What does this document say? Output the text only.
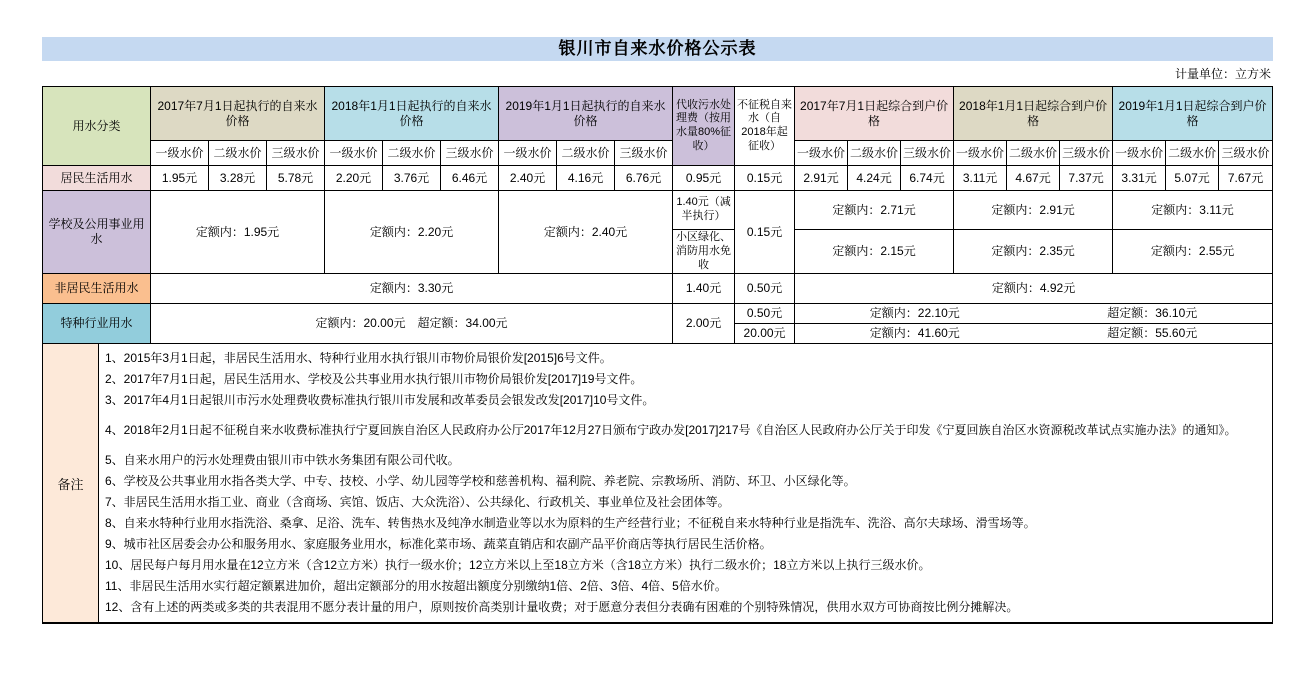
银川市自来水价格公示表
计量单位：立方米
用水分类	2017年7月1日起执行的自来水价格			2018年1月1日起执行的自来水价格			2019年1月1日起执行的自来水价格			代收污水处理费（按用水量80%征收）	不征税自来水（自2018年起征收）	2017年7月1日起综合到户价格			2018年1月1日起综合到户价格			2019年1月1日起综合到户价格		
	一级水价	二级水价	三级水价	一级水价	二级水价	三级水价	一级水价	二级水价	三级水价			一级水价	二级水价	三级水价	一级水价	二级水价	三级水价	一级水价	二级水价	三级水价
居民生活用水	1.95元	3.28元	5.78元	2.20元	3.76元	6.46元	2.40元	4.16元	6.76元	0.95元	0.15元	2.91元	4.24元	6.74元	3.11元	4.67元	7.37元	3.31元	5.07元	7.67元
学校及公用事业用水	定额内：1.95元			定额内：2.20元			定额内：2.40元			1.40元（减半执行）	0.15元	定额内：2.71元			定额内：2.91元			定额内：3.11元		
										小区绿化、消防用水免收		定额内：2.15元			定额内：2.35元			定额内：2.55元		
非居民生活用水	定额内：3.30元									1.40元	0.50元	定额内：4.92元								
特种行业用水	定额内：20.00元　超定额：34.00元									2.00元	0.50元	定额内：22.10元 超定额：36.10元								

											20.00元	定额内：41.60元 超定额：55.60元								
备注
1、2015年3月1日起，非居民生活用水、特种行业用水执行银川市物价局银价发[2015]6号文件。
2、2017年7月1日起，居民生活用水、学校及公共事业用水执行银川市物价局银价发[2017]19号文件。
3、2017年4月1日起银川市污水处理费收费标准执行银川市发展和改革委员会银发改发[2017]10号文件。
4、2018年2月1日起不征税自来水收费标准执行宁夏回族自治区人民政府办公厅2017年12月27日颁布宁政办发[2017]217号《自治区人民政府办公厅关于印发《宁夏回族自治区水资源税改革试点实施办法》的通知》。
5、自来水用户的污水处理费由银川市中铁水务集团有限公司代收。
6、学校及公共事业用水指各类大学、中专、技校、小学、幼儿园等学校和慈善机构、福利院、养老院、宗教场所、消防、环卫、小区绿化等。
7、非居民生活用水指工业、商业（含商场、宾馆、饭店、大众洗浴）、公共绿化、行政机关、事业单位及社会团体等。
8、自来水特种行业用水指洗浴、桑拿、足浴、洗车、转售热水及纯净水制造业等以水为原料的生产经营行业；不征税自来水特种行业是指洗车、洗浴、高尔夫球场、滑雪场等。
9、城市社区居委会办公和服务用水、家庭服务业用水，标准化菜市场、蔬菜直销店和农副产品平价商店等执行居民生活价格。
10、居民每户每月用水量在12立方米（含12立方米）执行一级水价；12立方米以上至18立方米（含18立方米）执行二级水价；18立方米以上执行三级水价。
11、非居民生活用水实行超定额累进加价，超出定额部分的用水按超出额度分别缴纳1倍、2倍、3倍、4倍、5倍水价。
12、含有上述的两类或多类的共表混用不愿分表计量的用户，原则按价高类别计量收费；对于愿意分表但分表确有困难的个别特殊情况，供用水双方可协商按比例分摊解决。
